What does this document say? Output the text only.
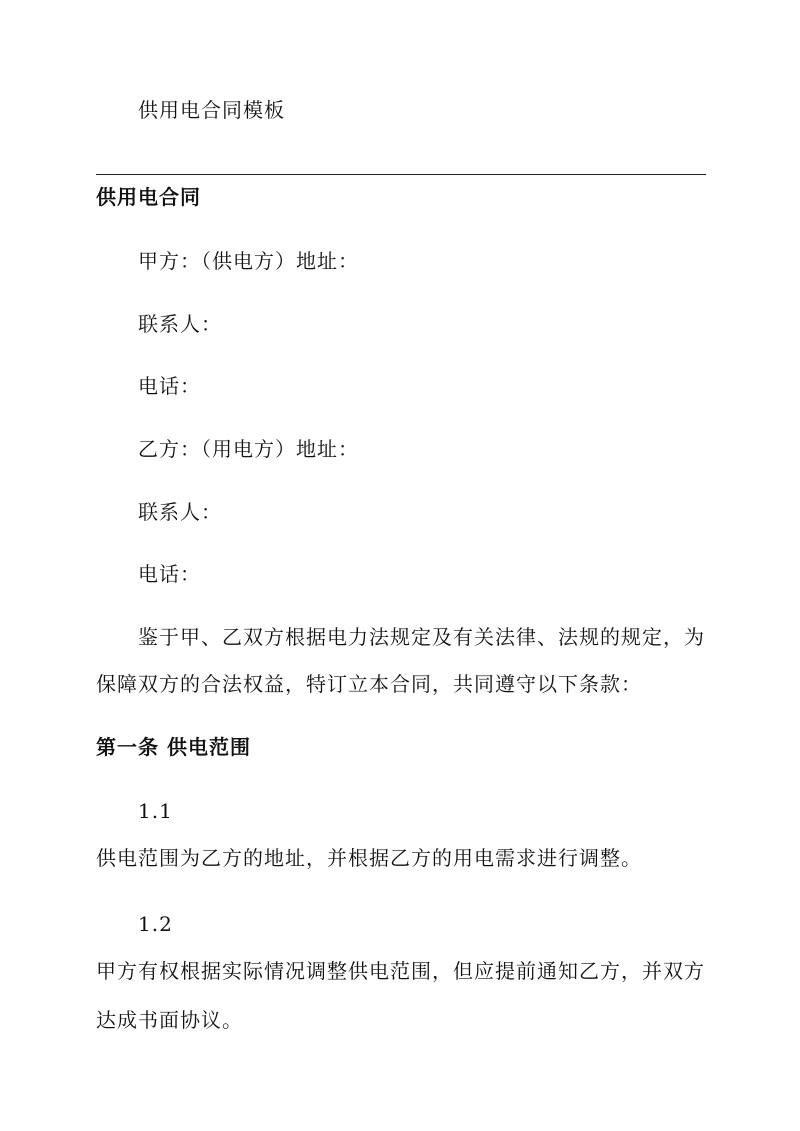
供用电合同模板
供用电合同
甲方：（供电方）地址：
联系人：
电话：
乙方：（用电方）地址：
联系人：
电话：
鉴于甲、乙双方根据电力法规定及有关法律、法规的规定，为
保障双方的合法权益，特订立本合同，共同遵守以下条款：
第一条 供电范围
1.1
供电范围为乙方的地址，并根据乙方的用电需求进行调整。
1.2
甲方有权根据实际情况调整供电范围，但应提前通知乙方，并双方
达成书面协议。
